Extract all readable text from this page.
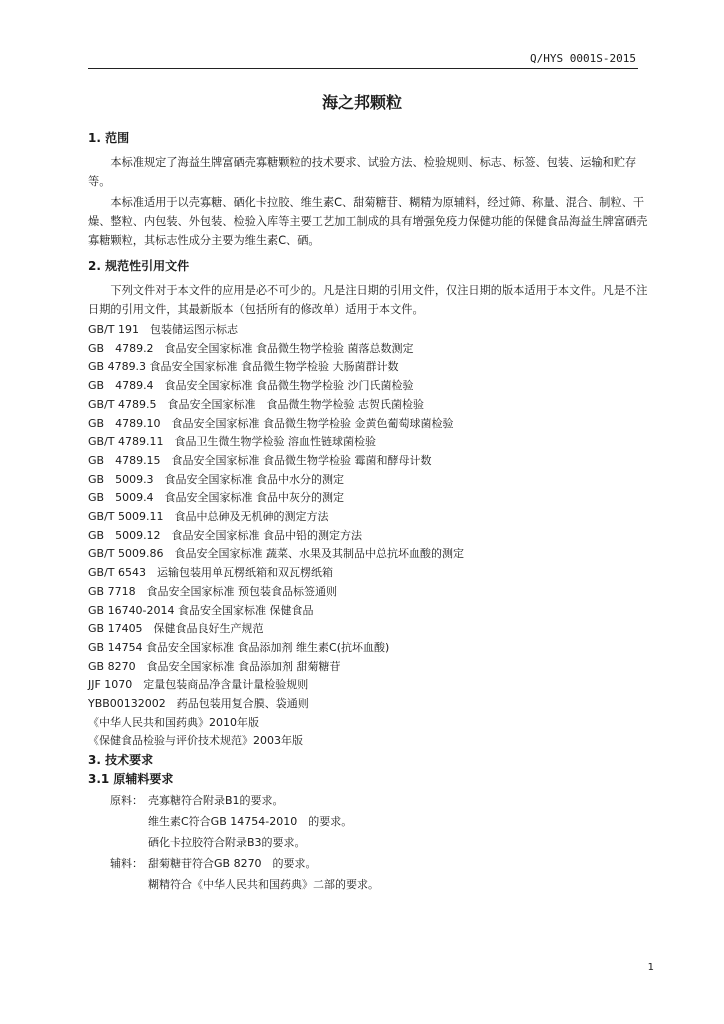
Q/HYS 0001S-2015
海之邦颗粒
1. 范围

本标准规定了海益生牌富硒壳寡糖颗粒的技术要求、试验方法、检验规则、标志、标签、包装、运输和贮存等。

本标准适用于以壳寡糖、硒化卡拉胶、维生素C、甜菊糖苷、糊精为原辅料，经过筛、称量、混合、制粒、干燥、整粒、内包装、外包装、检验入库等主要工艺加工制成的具有增强免疫力保健功能的保健食品海益生牌富硒壳寡糖颗粒，其标志性成分主要为维生素C、硒。

2. 规范性引用文件

下列文件对于本文件的应用是必不可少的。凡是注日期的引用文件，仅注日期的版本适用于本文件。凡是不注日期的引用文件，其最新版本（包括所有的修改单）适用于本文件。

GB/T 191　包装储运图示标志
GB　4789.2　食品安全国家标准 食品微生物学检验 菌落总数测定
GB 4789.3 食品安全国家标准 食品微生物学检验 大肠菌群计数
GB　4789.4　食品安全国家标准 食品微生物学检验 沙门氏菌检验
GB/T 4789.5　食品安全国家标准　食品微生物学检验 志贺氏菌检验
GB　4789.10　食品安全国家标准 食品微生物学检验 金黄色葡萄球菌检验
GB/T 4789.11　食品卫生微生物学检验 溶血性链球菌检验
GB　4789.15　食品安全国家标准 食品微生物学检验 霉菌和酵母计数
GB　5009.3　食品安全国家标准 食品中水分的测定
GB　5009.4　食品安全国家标准 食品中灰分的测定
GB/T 5009.11　食品中总砷及无机砷的测定方法
GB　5009.12　食品安全国家标准 食品中铅的测定方法
GB/T 5009.86　食品安全国家标准 蔬菜、水果及其制品中总抗坏血酸的测定
GB/T 6543　运输包装用单瓦楞纸箱和双瓦楞纸箱
GB 7718　食品安全国家标准 预包装食品标签通则
GB 16740-2014 食品安全国家标准 保健食品
GB 17405　保健食品良好生产规范
GB 14754 食品安全国家标准 食品添加剂 维生素C(抗坏血酸)
GB 8270　食品安全国家标准 食品添加剂 甜菊糖苷
JJF 1070　定量包装商品净含量计量检验规则
YBB00132002　药品包装用复合膜、袋通则
《中华人民共和国药典》2010年版
《保健食品检验与评价技术规范》2003年版
3. 技术要求
3.1 原辅料要求
原料： 壳寡糖符合附录B1的要求。
维生素C符合GB 14754-2010　的要求。
硒化卡拉胶符合附录B3的要求。
辅料： 甜菊糖苷符合GB 8270　的要求。
糊精符合《中华人民共和国药典》二部的要求。
1
